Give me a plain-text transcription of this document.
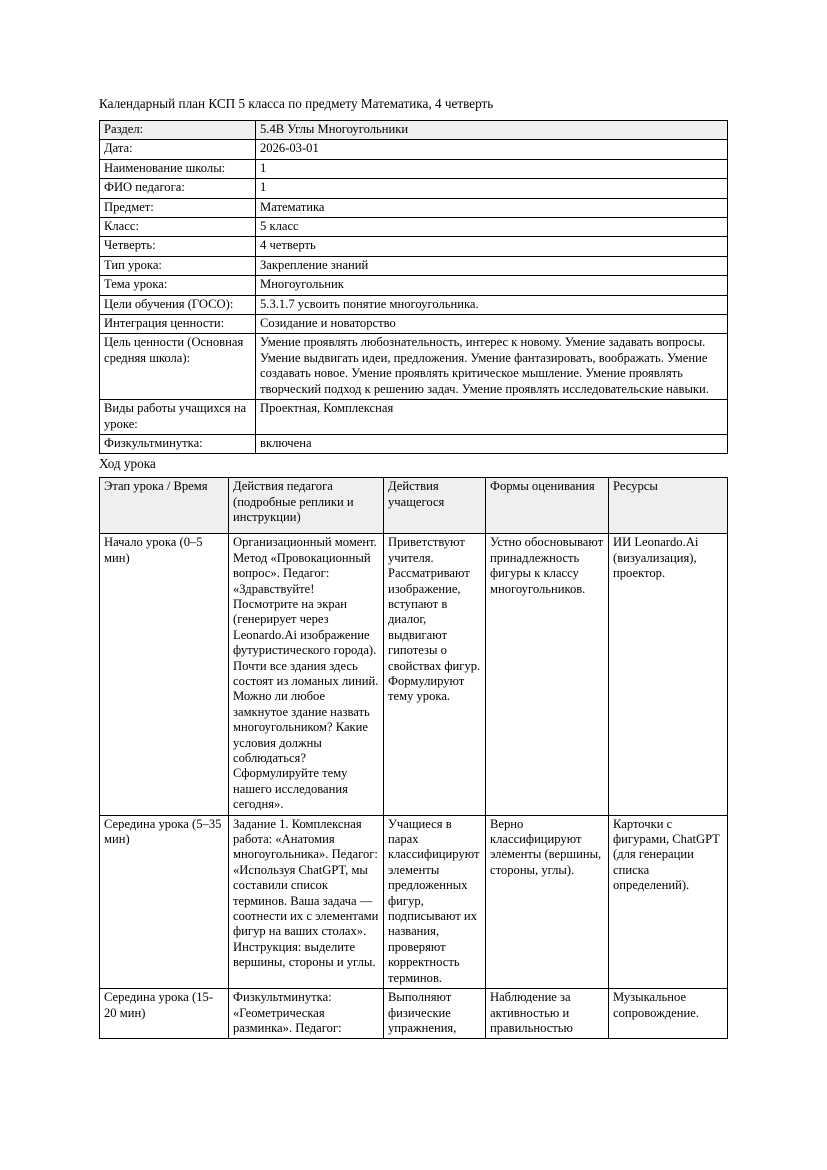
Календарный план КСП 5 класса по предмету Математика, 4 четверть

Раздел:	5.4В Углы Многоугольники
Дата:	2026-03-01
Наименование школы:	1
ФИО педагога:	1
Предмет:	Математика
Класс:	5 класс
Четверть:	4 четверть
Тип урока:	Закрепление знаний
Тема урока:	Многоугольник
Цели обучения (ГОСО):	5.3.1.7 усвоить понятие многоугольника.
Интеграция ценности:	Созидание и новаторство
Цель ценности (Основная средняя школа):	Умение проявлять любознательность, интерес к новому. Умение задавать вопросы. Умение выдвигать идеи, предложения. Умение фантазировать, воображать. Умение создавать новое. Умение проявлять критическое мышление. Умение проявлять творческий подход к решению задач. Умение проявлять исследовательские навыки.
Виды работы учащихся на уроке:	Проектная, Комплексная
Физкультминутка:	включена

Ход урока

Этап урока / Время	Действия педагога (подробные реплики и инструкции)	Действия учащегося	Формы оценивания	Ресурсы
Начало урока (0–5 мин)	Организационный момент. Метод «Провокационный вопрос». Педагог: «Здравствуйте! Посмотрите на экран (генерирует через Leonardo.Ai изображение футуристического города). Почти все здания здесь состоят из ломаных линий. Можно ли любое замкнутое здание назвать многоугольником? Какие условия должны соблюдаться? Сформулируйте тему нашего исследования сегодня».	Приветствуют учителя. Рассматривают изображение, вступают в диалог, выдвигают гипотезы о свойствах фигур. Формулируют тему урока.	Устно обосновывают принадлежность фигуры к классу многоугольников.	ИИ Leonardo.Ai (визуализация), проектор.
Середина урока (5–35 мин)	Задание 1. Комплексная работа: «Анатомия многоугольника». Педагог: «Используя ChatGPT, мы составили список терминов. Ваша задача — соотнести их с элементами фигур на ваших столах». Инструкция: выделите вершины, стороны и углы.	Учащиеся в парах классифицируют элементы предложенных фигур, подписывают их названия, проверяют корректность терминов.	Верно классифицируют элементы (вершины, стороны, углы).	Карточки с фигурами, ChatGPT (для генерации списка определений).
Середина урока (15-20 мин)	Физкультминутка: «Геометрическая разминка». Педагог:	Выполняют физические упражнения,	Наблюдение за активностью и правильностью	Музыкальное сопровождение.
